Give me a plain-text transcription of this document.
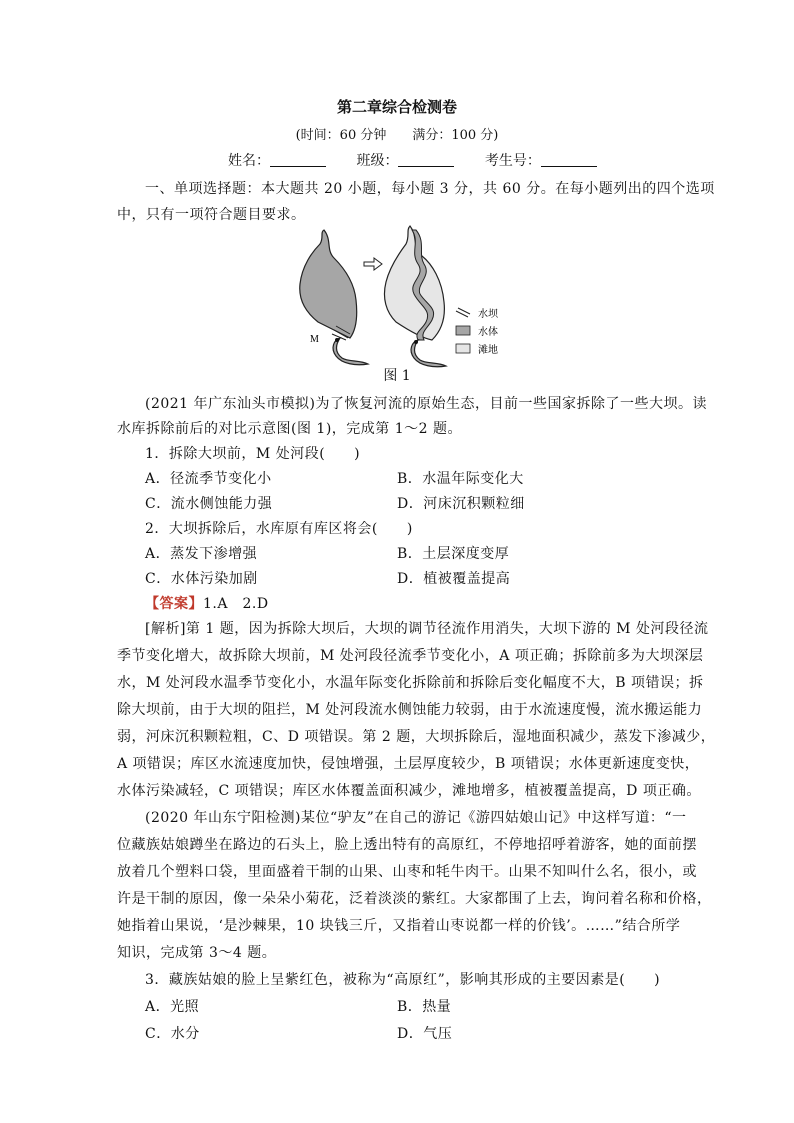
第二章综合检测卷
(时间：60 分钟　　满分：100 分)
姓名：	班级：	考生号：
一、单项选择题：本大题共 20 小题，每小题 3 分，共 60 分。在每小题列出的四个选项
中，只有一项符合题目要求。
M
水坝
水体
滩地
图 1
(2021 年广东汕头市模拟)为了恢复河流的原始生态，目前一些国家拆除了一些大坝。读
水库拆除前后的对比示意图(图 1)，完成第 1～2 题。
1．拆除大坝前，M 处河段(　　)
A．径流季节变化小	B．水温年际变化大
C．流水侧蚀能力强	D．河床沉积颗粒细
2．大坝拆除后，水库原有库区将会(　　)
A．蒸发下渗增强	B．土层深度变厚
C．水体污染加剧	D．植被覆盖提高
【答案】1.A　2.D
[解析]第 1 题，因为拆除大坝后，大坝的调节径流作用消失，大坝下游的 M 处河段径流
季节变化增大，故拆除大坝前，M 处河段径流季节变化小，A 项正确；拆除前多为大坝深层
水，M 处河段水温季节变化小，水温年际变化拆除前和拆除后变化幅度不大，B 项错误；拆
除大坝前，由于大坝的阻拦，M 处河段流水侧蚀能力较弱，由于水流速度慢，流水搬运能力
弱，河床沉积颗粒粗，C、D 项错误。第 2 题，大坝拆除后，湿地面积减少，蒸发下渗减少，
A 项错误；库区水流速度加快，侵蚀增强，土层厚度较少，B 项错误；水体更新速度变快，
水体污染减轻，C 项错误；库区水体覆盖面积减少，滩地增多，植被覆盖提高，D 项正确。
(2020 年山东宁阳检测)某位“驴友”在自己的游记《游四姑娘山记》中这样写道：“一
位藏族姑娘蹲坐在路边的石头上，脸上透出特有的高原红，不停地招呼着游客，她的面前摆
放着几个塑料口袋，里面盛着干制的山果、山枣和牦牛肉干。山果不知叫什么名，很小，或
许是干制的原因，像一朵朵小菊花，泛着淡淡的紫红。大家都围了上去，询问着名称和价格，
她指着山果说，‘是沙棘果，10 块钱三斤，又指着山枣说都一样的价钱’。……”结合所学
知识，完成第 3～4 题。
3．藏族姑娘的脸上呈紫红色，被称为“高原红”，影响其形成的主要因素是(　　)
A．光照	B．热量
C．水分	D．气压
